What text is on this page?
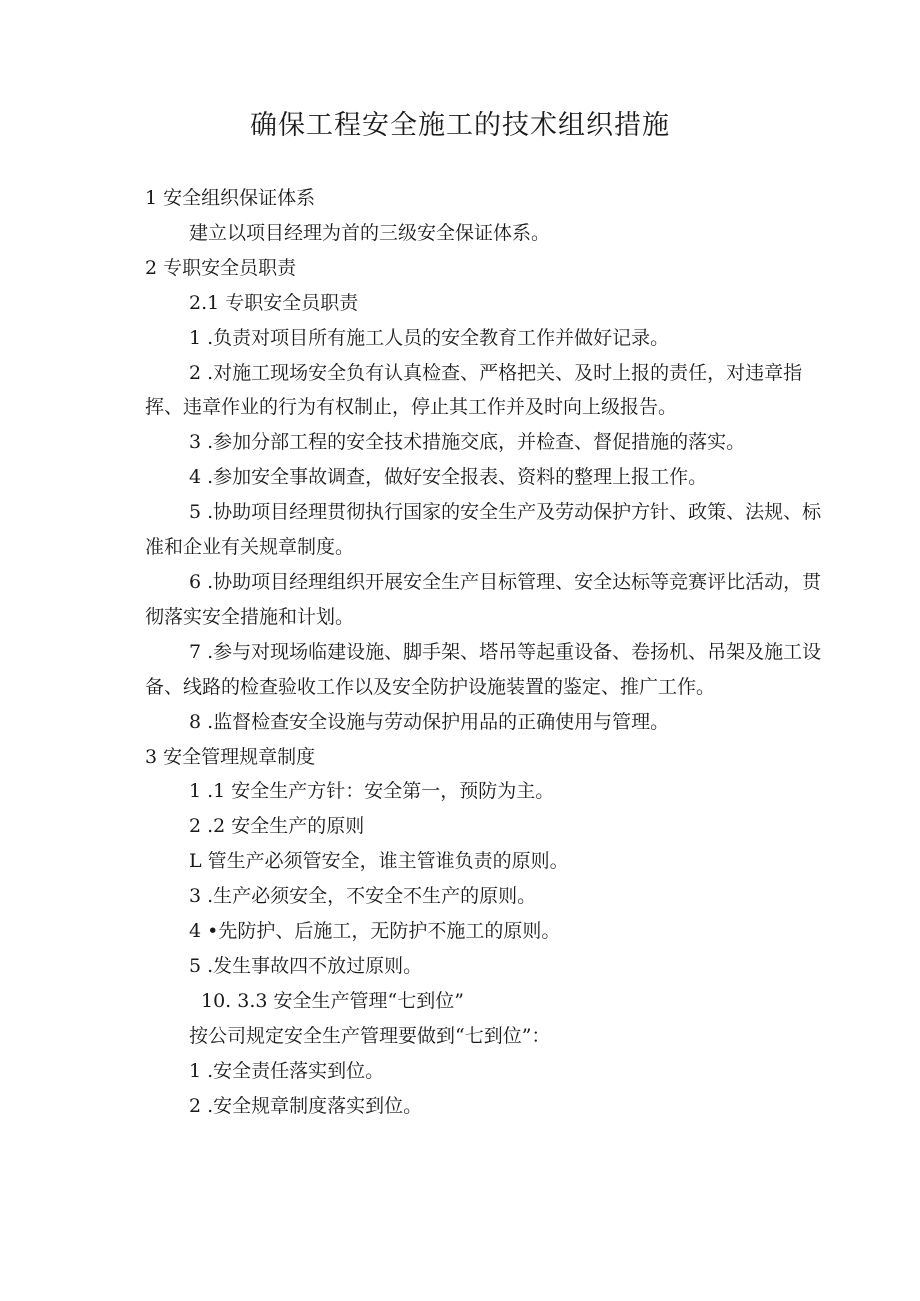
确保工程安全施工的技术组织措施
1 安全组织保证体系
建立以项目经理为首的三级安全保证体系。
2 专职安全员职责
2.1 专职安全员职责
1 .负责对项目所有施工人员的安全教育工作并做好记录。
2 .对施工现场安全负有认真检查、严格把关、及时上报的责任，对违章指挥、违章作业的行为有权制止，停止其工作并及时向上级报告。
3 .参加分部工程的安全技术措施交底，并检查、督促措施的落实。
4 .参加安全事故调查，做好安全报表、资料的整理上报工作。
5 .协助项目经理贯彻执行国家的安全生产及劳动保护方针、政策、法规、标准和企业有关规章制度。
6 .协助项目经理组织开展安全生产目标管理、安全达标等竞赛评比活动，贯彻落实安全措施和计划。
7 .参与对现场临建设施、脚手架、塔吊等起重设备、卷扬机、吊架及施工设备、线路的检查验收工作以及安全防护设施装置的鉴定、推广工作。
8 .监督检查安全设施与劳动保护用品的正确使用与管理。
3 安全管理规章制度
1 .1 安全生产方针：安全第一，预防为主。
2 .2 安全生产的原则
L 管生产必须管安全，谁主管谁负责的原则。
3 .生产必须安全，不安全不生产的原则。
4 •先防护、后施工，无防护不施工的原则。
5 .发生事故四不放过原则。
10. 3.3 安全生产管理“七到位”
按公司规定安全生产管理要做到“七到位”：
1 .安全责任落实到位。
2 .安全规章制度落实到位。
